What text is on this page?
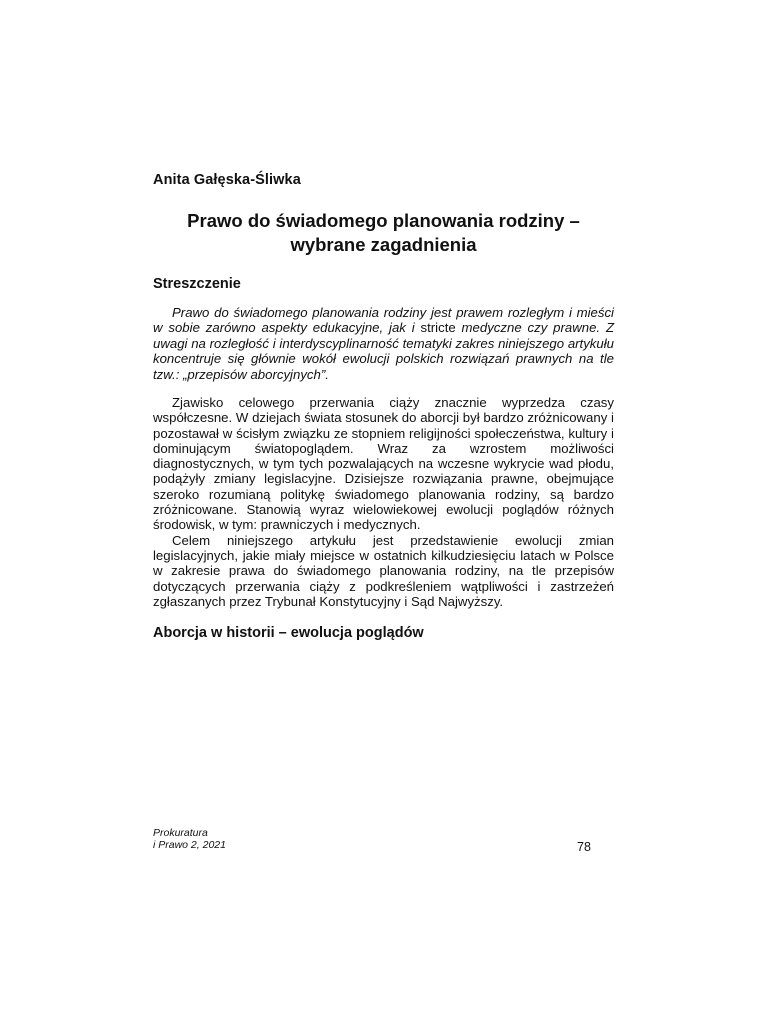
Anita Gałęska-Śliwka
Prawo do świadomego planowania rodziny –
wybrane zagadnienia
Streszczenie

Prawo do świadomego planowania rodziny jest prawem rozległym i mieści w sobie zarówno aspekty edukacyjne, jak i stricte medyczne czy prawne. Z uwagi na rozległość i interdyscyplinarność tematyki zakres niniejszego artykułu koncentruje się głównie wokół ewolucji polskich rozwiązań prawnych na tle tzw.: „przepisów aborcyjnych”.

Zjawisko celowego przerwania ciąży znacznie wyprzedza czasy współczesne. W dziejach świata stosunek do aborcji był bardzo zróżnicowany i pozostawał w ścisłym związku ze stopniem religijności społeczeństwa, kultury i dominującym światopoglądem. Wraz za wzrostem możliwości diagnostycznych, w tym tych pozwalających na wczesne wykrycie wad płodu, podążyły zmiany legislacyjne. Dzisiejsze rozwiązania prawne, obejmujące szeroko rozumianą politykę świadomego planowania rodziny, są bardzo zróżnicowane. Stanowią wyraz wielowiekowej ewolucji poglądów różnych środowisk, w tym: prawniczych i medycznych.

Celem niniejszego artykułu jest przedstawienie ewolucji zmian legislacyjnych, jakie miały miejsce w ostatnich kilkudziesięciu latach w Polsce w zakresie prawa do świadomego planowania rodziny, na tle przepisów dotyczących przerwania ciąży z podkreśleniem wątpliwości i zastrzeżeń zgłaszanych przez Trybunał Konstytucyjny i Sąd Najwyższy.

Aborcja w historii – ewolucja poglądów
Prokuratura
i Prawo 2, 2021	78
